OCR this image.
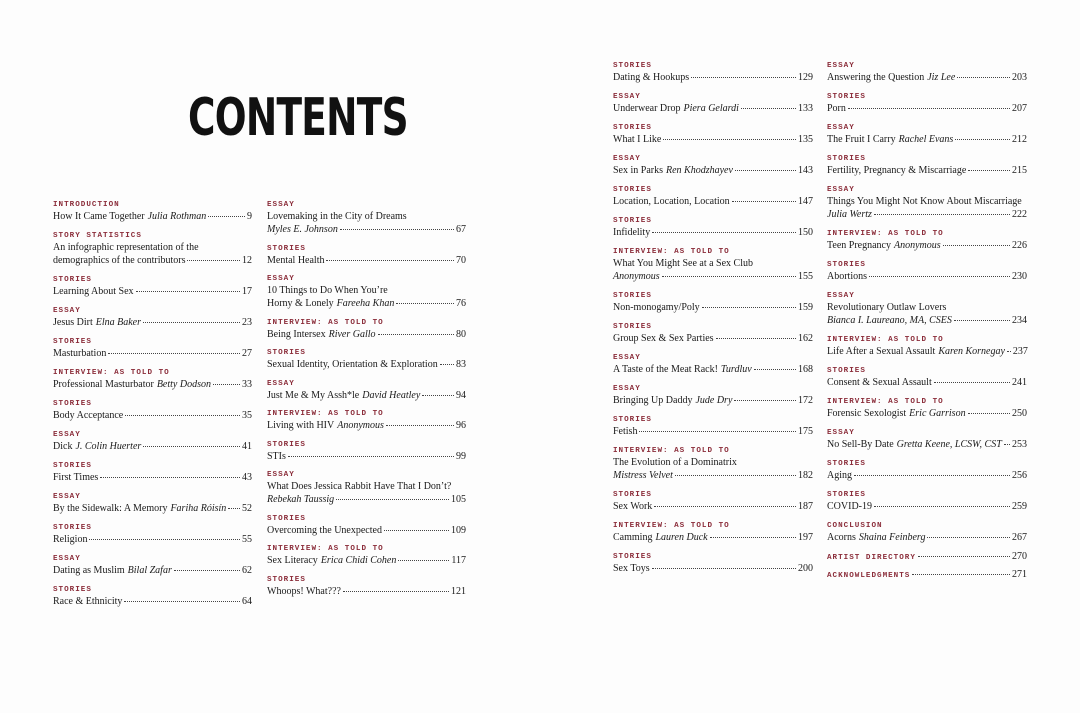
CONTENTS
INTRODUCTION
How It Came Together Julia Rothman	9
STORY STATISTICS
An infographic representation of the
demographics of the contributors	12
STORIES
Learning About Sex	17
ESSAY
Jesus Dirt Elna Baker	23
STORIES
Masturbation	27
INTERVIEW: AS TOLD TO
Professional Masturbator Betty Dodson	33
STORIES
Body Acceptance	35
ESSAY
Dick J. Colin Huerter	41
STORIES
First Times	43
ESSAY
By the Sidewalk: A Memory Fariha Róisín 52
STORIES
Religion	55
ESSAY
Dating as Muslim Bilal Zafar	62
STORIES
Race & Ethnicity	64
ESSAY
Lovemaking in the City of Dreams
Myles E. Johnson	67
STORIES
Mental Health	70
ESSAY
10 Things to Do When You’re
Horny & Lonely Fareeha Khan	76
INTERVIEW: AS TOLD TO
Being Intersex River Gallo	80
STORIES
Sexual Identity, Orientation & Exploration 83
ESSAY
Just Me & My Assh*le David Heatley	94
INTERVIEW: AS TOLD TO
Living with HIV Anonymous	96
STORIES
STIs	99
ESSAY
What Does Jessica Rabbit Have That I Don’t?
Rebekah Taussig	105
STORIES
Overcoming the Unexpected	109
INTERVIEW: AS TOLD TO
Sex Literacy Erica Chidi Cohen	117
STORIES
Whoops! What???	121
STORIES
Dating & Hookups	129
ESSAY
Underwear Drop Piera Gelardi	133
STORIES
What I Like	135
ESSAY
Sex in Parks Ren Khodzhayev	143
STORIES
Location, Location, Location	147
STORIES
Infidelity	150
INTERVIEW: AS TOLD TO
What You Might See at a Sex Club
Anonymous	155
STORIES
Non-monogamy/Poly	159
STORIES
Group Sex & Sex Parties	162
ESSAY
A Taste of the Meat Rack! Turdluv	168
ESSAY
Bringing Up Daddy Jude Dry	172
STORIES
Fetish	175
INTERVIEW: AS TOLD TO
The Evolution of a Dominatrix
Mistress Velvet	182
STORIES
Sex Work	187
INTERVIEW: AS TOLD TO
Camming Lauren Duck	197
STORIES
Sex Toys	200
ESSAY
Answering the Question Jiz Lee	203
STORIES
Porn	207
ESSAY
The Fruit I Carry Rachel Evans	212
STORIES
Fertility, Pregnancy & Miscarriage	215
ESSAY
Things You Might Not Know About Miscarriage
Julia Wertz	222
INTERVIEW: AS TOLD TO
Teen Pregnancy Anonymous	226
STORIES
Abortions	230
ESSAY
Revolutionary Outlaw Lovers
Bianca I. Laureano, MA, CSES	234
INTERVIEW: AS TOLD TO
Life After a Sexual Assault Karen Kornegay 237
STORIES
Consent & Sexual Assault	241
INTERVIEW: AS TOLD TO
Forensic Sexologist Eric Garrison	250
ESSAY
No Sell-By Date Gretta Keene, LCSW, CST 253
STORIES
Aging	256
STORIES
COVID-19	259
CONCLUSION
Acorns Shaina Feinberg	267
ARTIST DIRECTORY	270
ACKNOWLEDGMENTS	271
